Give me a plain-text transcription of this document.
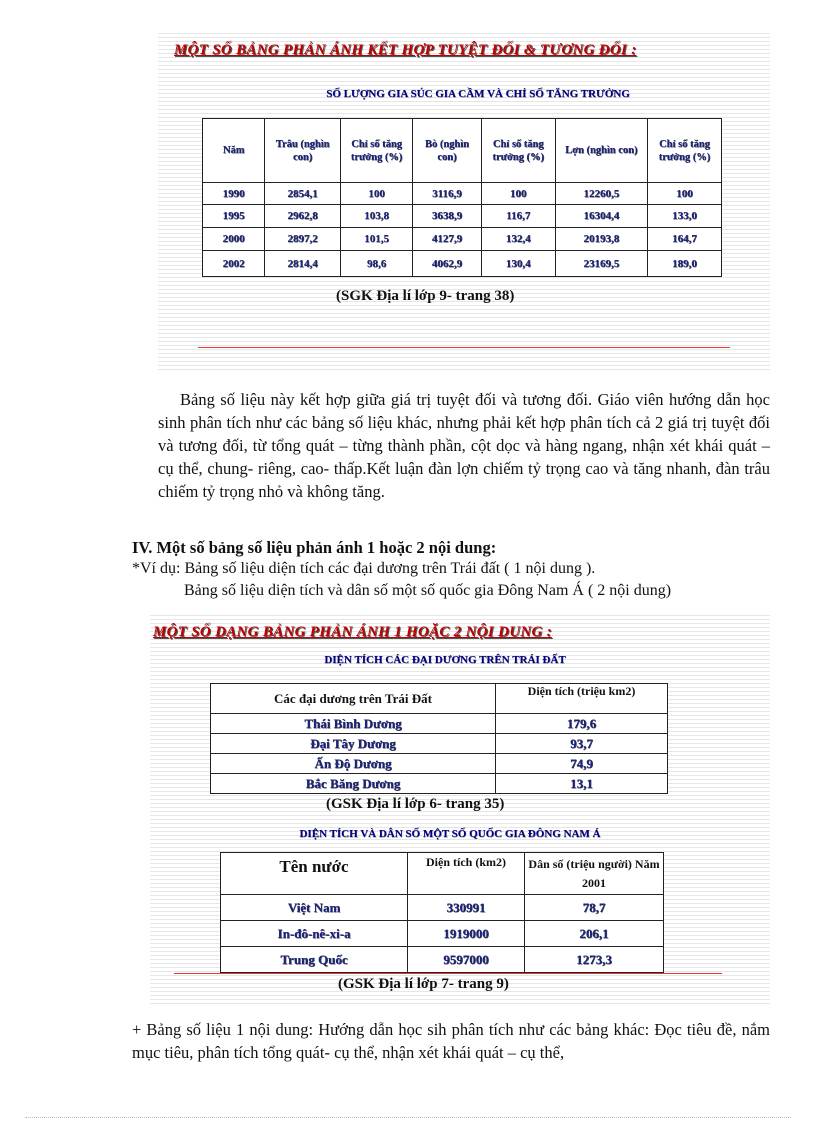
MỘT SỐ BẢNG PHẢN ÁNH KẾT HỢP TUYỆT ĐỐI & TƯƠNG ĐỐI :
SỐ LƯỢNG GIA SÚC GIA CẦM VÀ CHỈ SỐ TĂNG TRƯỞNG
Năm	Trâu (nghìn con)	Chỉ số tăng trưởng (%)	Bò (nghìn con)	Chỉ số tăng trưởng (%)	Lợn (nghìn con)	Chỉ số tăng trưởng (%)
1990	2854,1	100	3116,9	100	12260,5	100
1995	2962,8	103,8	3638,9	116,7	16304,4	133,0
2000	2897,2	101,5	4127,9	132,4	20193,8	164,7
2002	2814,4	98,6	4062,9	130,4	23169,5	189,0
(SGK Địa lí lớp 9- trang 38)
Bảng số liệu này kết hợp giữa giá trị tuyệt đối và tương đối. Giáo viên hướng dẫn học sinh phân tích như các bảng số liệu khác, nhưng phải kết hợp phân tích cả 2 giá trị tuyệt đối và tương đối, từ tổng quát – từng thành phần, cột dọc và hàng ngang, nhận xét khái quát – cụ thể, chung- riêng, cao- thấp.Kết luận đàn lợn chiếm tỷ trọng cao và tăng nhanh, đàn trâu chiếm tỷ trọng nhỏ và không tăng.
IV. Một số bảng số liệu phản ánh 1 hoặc 2 nội dung:
*Ví dụ: Bảng số liệu diện tích các đại dương trên Trái đất ( 1 nội dung ).
Bảng số liệu diện tích và dân số một số quốc gia Đông Nam Á ( 2 nội dung)
MỘT SỐ DẠNG BẢNG PHẢN ÁNH 1 HOẶC 2 NỘI DUNG :
DIỆN TÍCH CÁC ĐẠI DƯƠNG TRÊN TRÁI ĐẤT
Các đại dương trên Trái Đất	Diện tích (triệu km2)
Thái Bình Dương	179,6
Đại Tây Dương	93,7
Ấn Độ Dương	74,9
Bắc Băng Dương	13,1
(GSK Địa lí lớp 6- trang 35)
DIỆN TÍCH VÀ DÂN SỐ MỘT SỐ QUỐC GIA ĐÔNG NAM Á
Tên nước	Diện tích (km2)	Dân số (triệu người) Năm 2001
Việt Nam	330991	78,7
In-đô-nê-xi-a	1919000	206,1
Trung Quốc	9597000	1273,3
(GSK Địa lí lớp 7- trang 9)
+ Bảng số liệu 1 nội dung: Hướng dẫn học sih phân tích như các bảng khác: Đọc tiêu đề, nắm mục tiêu, phân tích tổng quát- cụ thể, nhận xét khái quát – cụ thể,
